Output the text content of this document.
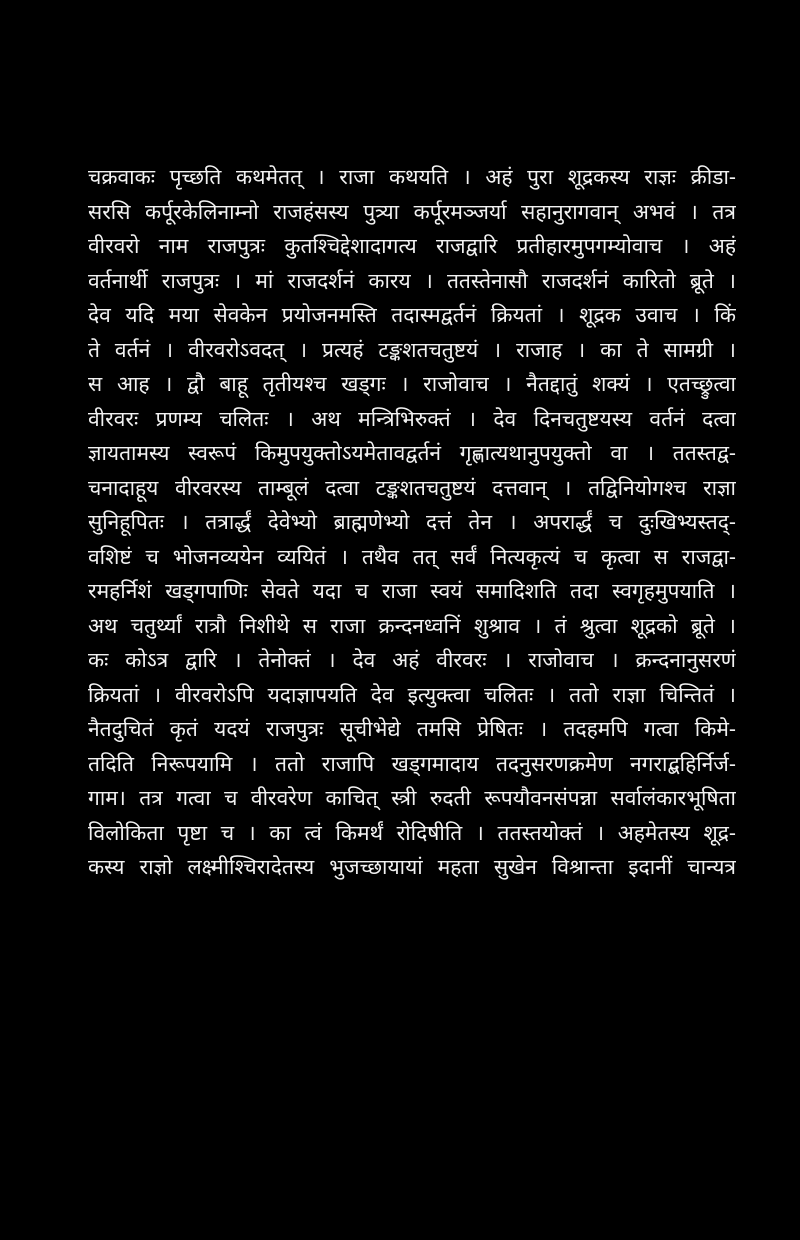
चक्रवाकः पृच्छति कथमेतत् । राजा कथयति । अहं पुरा शूद्रकस्य राज्ञः क्रीडा-
सरसि कर्पूरकेलिनाम्नो राजहंसस्य पुत्र्या कर्पूरमञ्जर्या सहानुरागवान् अभवं । तत्र
वीरवरो नाम राजपुत्रः कुतश्चिद्देशादागत्य राजद्वारि प्रतीहारमुपगम्योवाच । अहं
वर्तनार्थी राजपुत्रः । मां राजदर्शनं कारय । ततस्तेनासौ राजदर्शनं कारितो ब्रूते ।
देव यदि मया सेवकेन प्रयोजनमस्ति तदास्मद्वर्तनं क्रियतां । शूद्रक उवाच । किं
ते वर्तनं । वीरवरोऽवदत् । प्रत्यहं टङ्कशतचतुष्टयं । राजाह । का ते सामग्री ।
स आह । द्वौ बाहू तृतीयश्च खड्गः । राजोवाच । नैतद्दातुं शक्यं । एतच्छ्रुत्वा
वीरवरः प्रणम्य चलितः । अथ मन्त्रिभिरुक्तं । देव दिनचतुष्टयस्य वर्तनं दत्वा
ज्ञायतामस्य स्वरूपं किमुपयुक्तोऽयमेतावद्वर्तनं गृह्णात्यथानुपयुक्तो वा । ततस्तद्व-
चनादाहूय वीरवरस्य ताम्बूलं दत्वा टङ्कशतचतुष्टयं दत्तवान् । तद्विनियोगश्च राज्ञा
सुनिहूपितः । तत्रार्द्धं देवेभ्यो ब्राह्मणेभ्यो दत्तं तेन । अपरार्द्धं च दुःखिभ्यस्तद्-
वशिष्टं च भोजनव्ययेन व्ययितं । तथैव तत् सर्वं नित्यकृत्यं च कृत्वा स राजद्वा-
रमहर्निशं खड्गपाणिः सेवते यदा च राजा स्वयं समादिशति तदा स्वगृहमुपयाति ।
अथ चतुर्थ्यां रात्रौ निशीथे स राजा क्रन्दनध्वनिं शुश्राव । तं श्रुत्वा शूद्रको ब्रूते ।
कः कोऽत्र द्वारि । तेनोक्तं । देव अहं वीरवरः । राजोवाच । क्रन्दनानुसरणं
क्रियतां । वीरवरोऽपि यदाज्ञापयति देव इत्युक्त्वा चलितः । ततो राज्ञा चिन्तितं ।
नैतदुचितं कृतं यदयं राजपुत्रः सूचीभेद्ये तमसि प्रेषितः । तदहमपि गत्वा किमे-
तदिति निरूपयामि । ततो राजापि खड्गमादाय तदनुसरणक्रमेण नगराद्बहिर्निर्ज-
गाम। तत्र गत्वा च वीरवरेण काचित् स्त्री रुदती रूपयौवनसंपन्ना सर्वालंकारभूषिता
विलोकिता पृष्टा च । का त्वं किमर्थं रोदिषीति । ततस्तयोक्तं । अहमेतस्य शूद्र-
कस्य राज्ञो लक्ष्मीश्चिरादेतस्य भुजच्छायायां महता सुखेन विश्रान्ता इदानीं चान्यत्र
